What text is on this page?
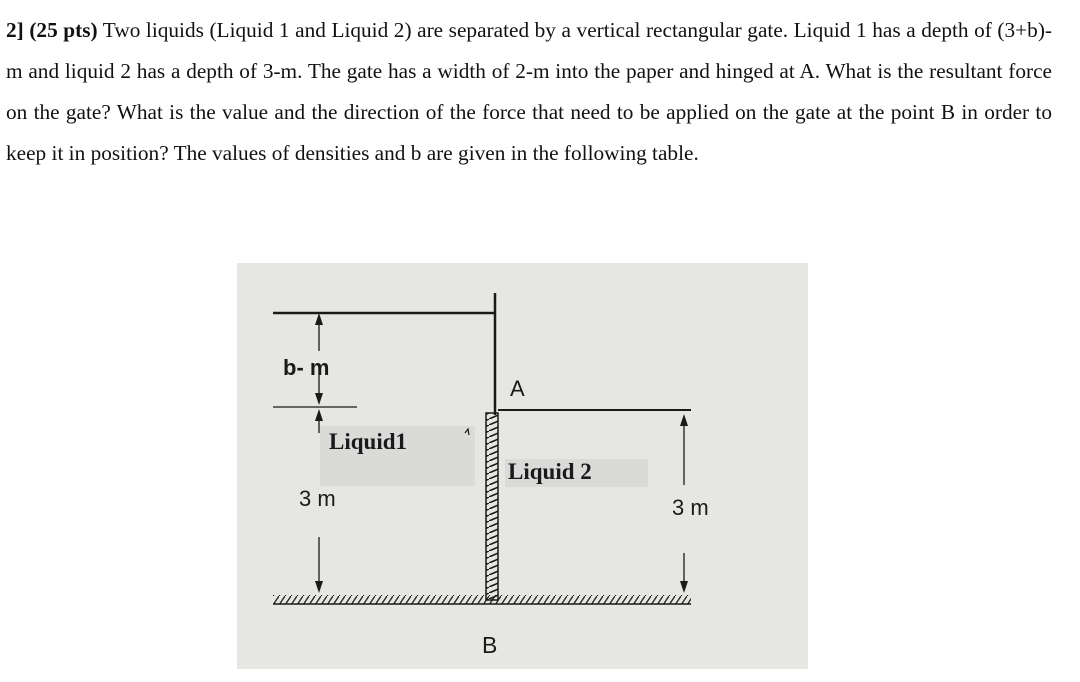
2] (25 pts) Two liquids (Liquid 1 and Liquid 2) are separated by a vertical rectangular gate. Liquid 1 has a depth of (3+b)-m and liquid 2 has a depth of 3-m. The gate has a width of 2-m into the paper and hinged at A. What is the resultant force on the gate? What is the value and the direction of the force that need to be applied on the gate at the point B in order to keep it in position? The values of densities and b are given in the following table.
b- m
Liquid1
3 m
A
Liquid 2
3 m
B
